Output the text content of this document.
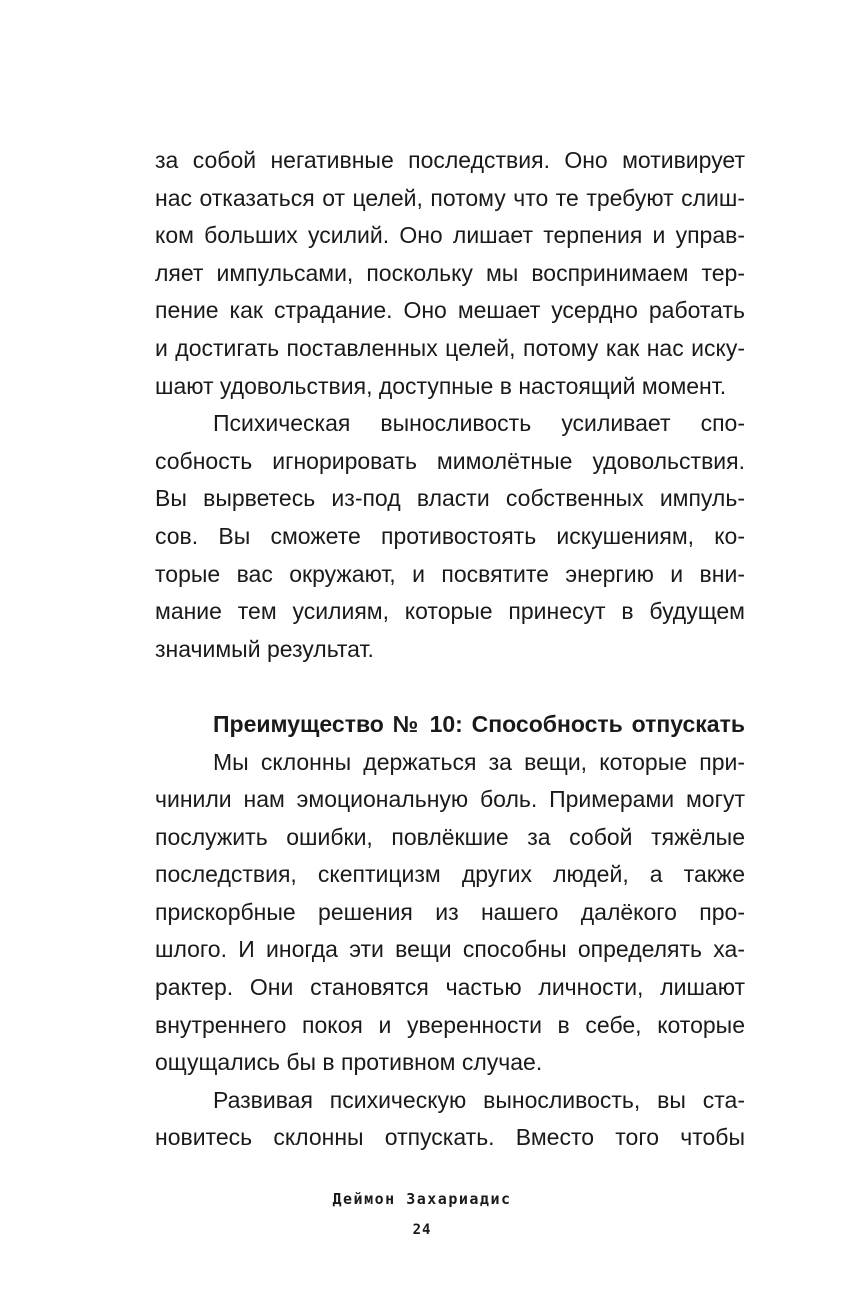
за собой негативные последствия. Оно мотивирует
нас отказаться от целей, потому что те требуют слиш-
ком больших усилий. Оно лишает терпения и управ-
ляет импульсами, поскольку мы воспринимаем тер-
пение как страдание. Оно мешает усердно работать
и достигать поставленных целей, потому как нас иску-
шают удовольствия, доступные в настоящий момент.
Психическая выносливость усиливает спо-
собность игнорировать мимолётные удовольствия.
Вы вырветесь из-под власти собственных импуль-
сов. Вы сможете противостоять искушениям, ко-
торые вас окружают, и посвятите энергию и вни-
мание тем усилиям, которые принесут в будущем
значимый результат.
Преимущество № 10: Способность отпускать
Мы склонны держаться за вещи, которые при-
чинили нам эмоциональную боль. Примерами могут
послужить ошибки, повлёкшие за собой тяжёлые
последствия, скептицизм других людей, а также
прискорбные решения из нашего далёкого про-
шлого. И иногда эти вещи способны определять ха-
рактер. Они становятся частью личности, лишают
внутреннего покоя и уверенности в себе, которые
ощущались бы в противном случае.
Развивая психическую выносливость, вы ста-
новитесь склонны отпускать. Вместо того чтобы
Деймон Захариадис
24
